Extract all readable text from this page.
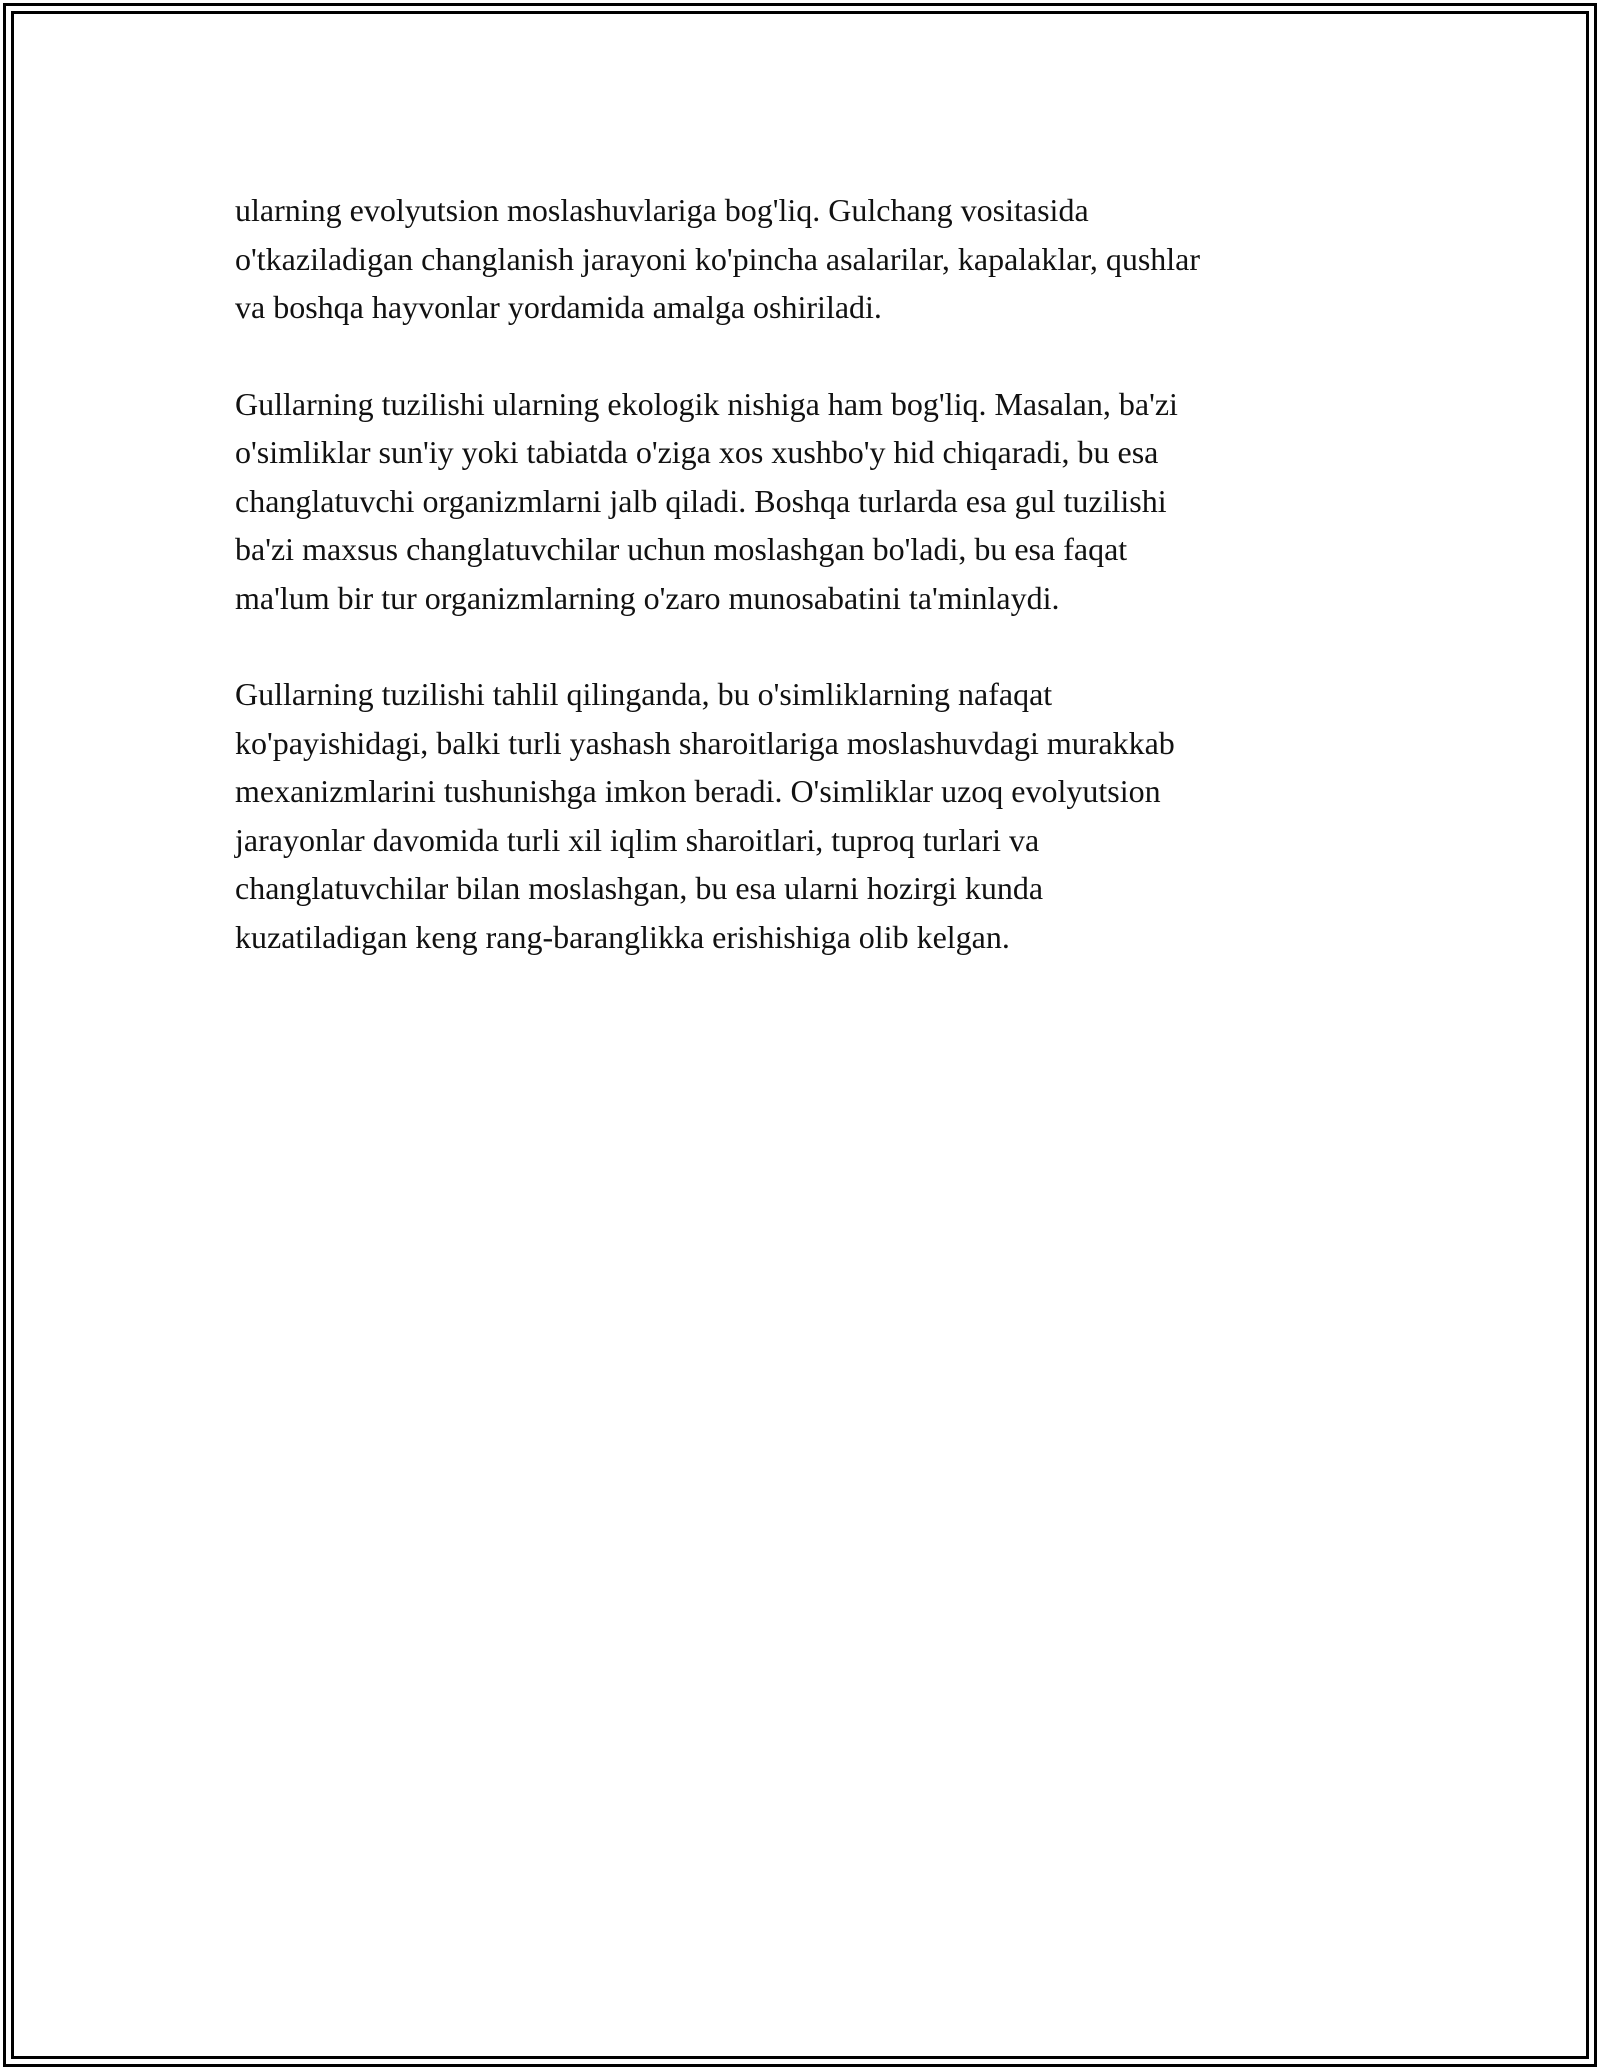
ularning evolyutsion moslashuvlariga bog'liq. Gulchang vositasida
o'tkaziladigan changlanish jarayoni ko'pincha asalarilar, kapalaklar, qushlar
va boshqa hayvonlar yordamida amalga oshiriladi.

Gullarning tuzilishi ularning ekologik nishiga ham bog'liq. Masalan, ba'zi
o'simliklar sun'iy yoki tabiatda o'ziga xos xushbo'y hid chiqaradi, bu esa
changlatuvchi organizmlarni jalb qiladi. Boshqa turlarda esa gul tuzilishi
ba'zi maxsus changlatuvchilar uchun moslashgan bo'ladi, bu esa faqat
ma'lum bir tur organizmlarning o'zaro munosabatini ta'minlaydi.

Gullarning tuzilishi tahlil qilinganda, bu o'simliklarning nafaqat
ko'payishidagi, balki turli yashash sharoitlariga moslashuvdagi murakkab
mexanizmlarini tushunishga imkon beradi. O'simliklar uzoq evolyutsion
jarayonlar davomida turli xil iqlim sharoitlari, tuproq turlari va
changlatuvchilar bilan moslashgan, bu esa ularni hozirgi kunda
kuzatiladigan keng rang-baranglikka erishishiga olib kelgan.
